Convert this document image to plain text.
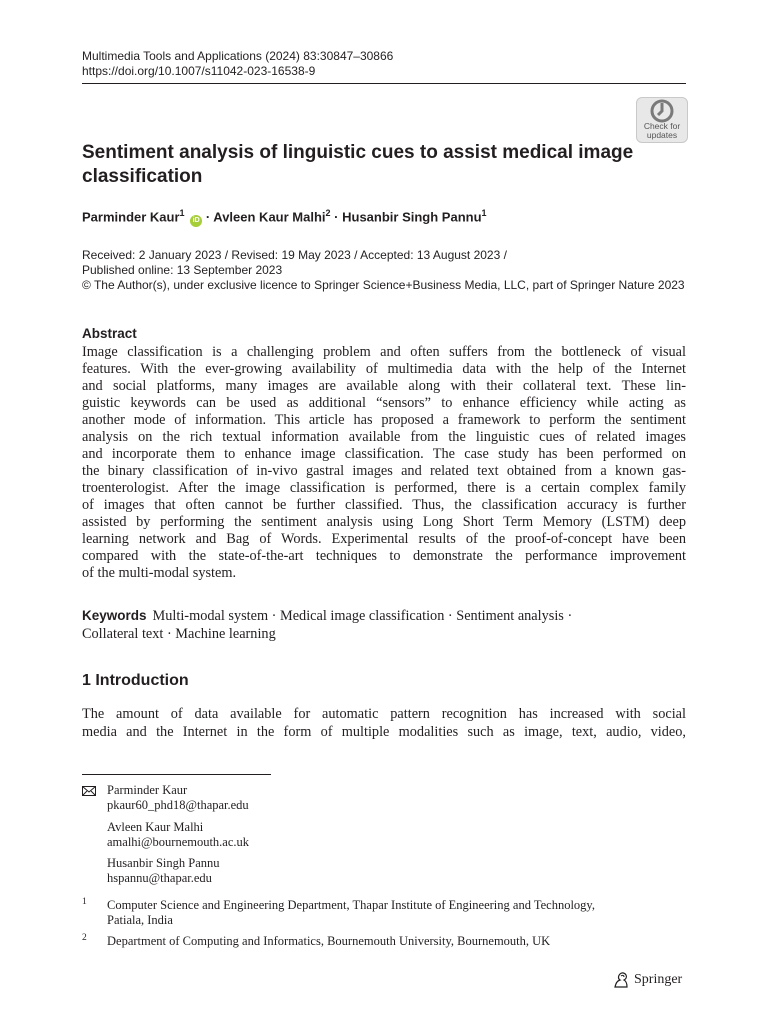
Multimedia Tools and Applications (2024) 83:30847–30866
https://doi.org/10.1007/s11042-023-16538-9
Check for
updates
Sentiment analysis of linguistic cues to assist medical image classification
Parminder Kaur$^1$ iD · Avleen Kaur Malhi$^2$ · Husanbir Singh Pannu$^1$
Received: 2 January 2023 / Revised: 19 May 2023 / Accepted: 13 August 2023 /
Published online: 13 September 2023
© The Author(s), under exclusive licence to Springer Science+Business Media, LLC, part of Springer Nature 2023
Abstract
Image classification is a challenging problem and often suffers from the bottleneck of visual
features. With the ever-growing availability of multimedia data with the help of the Internet
and social platforms, many images are available along with their collateral text. These lin-
guistic keywords can be used as additional “sensors” to enhance efficiency while acting as
another mode of information. This article has proposed a framework to perform the sentiment
analysis on the rich textual information available from the linguistic cues of related images
and incorporate them to enhance image classification. The case study has been performed on
the binary classification of in-vivo gastral images and related text obtained from a known gas-
troenterologist. After the image classification is performed, there is a certain complex family
of images that often cannot be further classified. Thus, the classification accuracy is further
assisted by performing the sentiment analysis using Long Short Term Memory (LSTM) deep
learning network and Bag of Words. Experimental results of the proof-of-concept have been
compared with the state-of-the-art techniques to demonstrate the performance improvement
of the multi-modal system.
Keywords Multi-modal system · Medical image classification · Sentiment analysis ·
Collateral text · Machine learning
1 Introduction
The amount of data available for automatic pattern recognition has increased with social
media and the Internet in the form of multiple modalities such as image, text, audio, video,
Parminder Kaur
pkaur60_phd18@thapar.edu
Avleen Kaur Malhi
amalhi@bournemouth.ac.uk
Husanbir Singh Pannu
hspannu@thapar.edu
1 Computer Science and Engineering Department, Thapar Institute of Engineering and Technology,
Patiala, India
2 Department of Computing and Informatics, Bournemouth University, Bournemouth, UK
Springer
